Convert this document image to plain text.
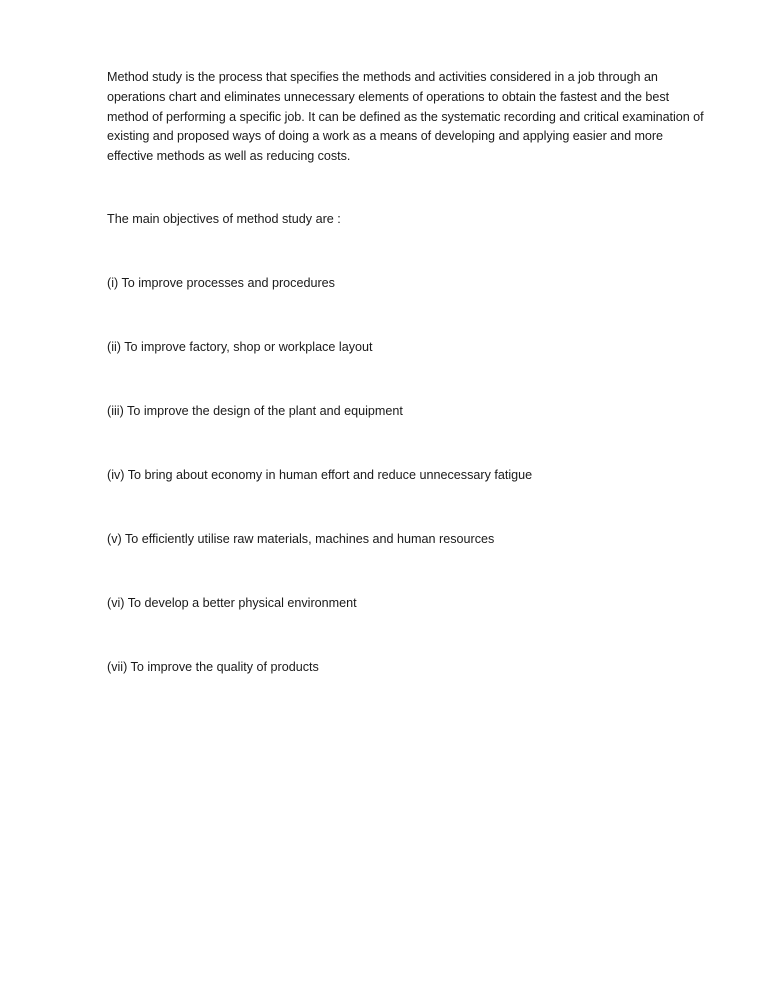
Method study is the process that specifies the methods and activities considered in a job through an operations chart and eliminates unnecessary elements of operations to obtain the fastest and the best method of performing a specific job. It can be defined as the systematic recording and critical examination of existing and proposed ways of doing a work as a means of developing and applying easier and more effective methods as well as reducing costs.

The main objectives of method study are :

(i) To improve processes and procedures
(ii) To improve factory, shop or workplace layout
(iii) To improve the design of the plant and equipment
(iv) To bring about economy in human effort and reduce unnecessary fatigue
(v) To efficiently utilise raw materials, machines and human resources
(vi) To develop a better physical environment
(vii) To improve the quality of products
